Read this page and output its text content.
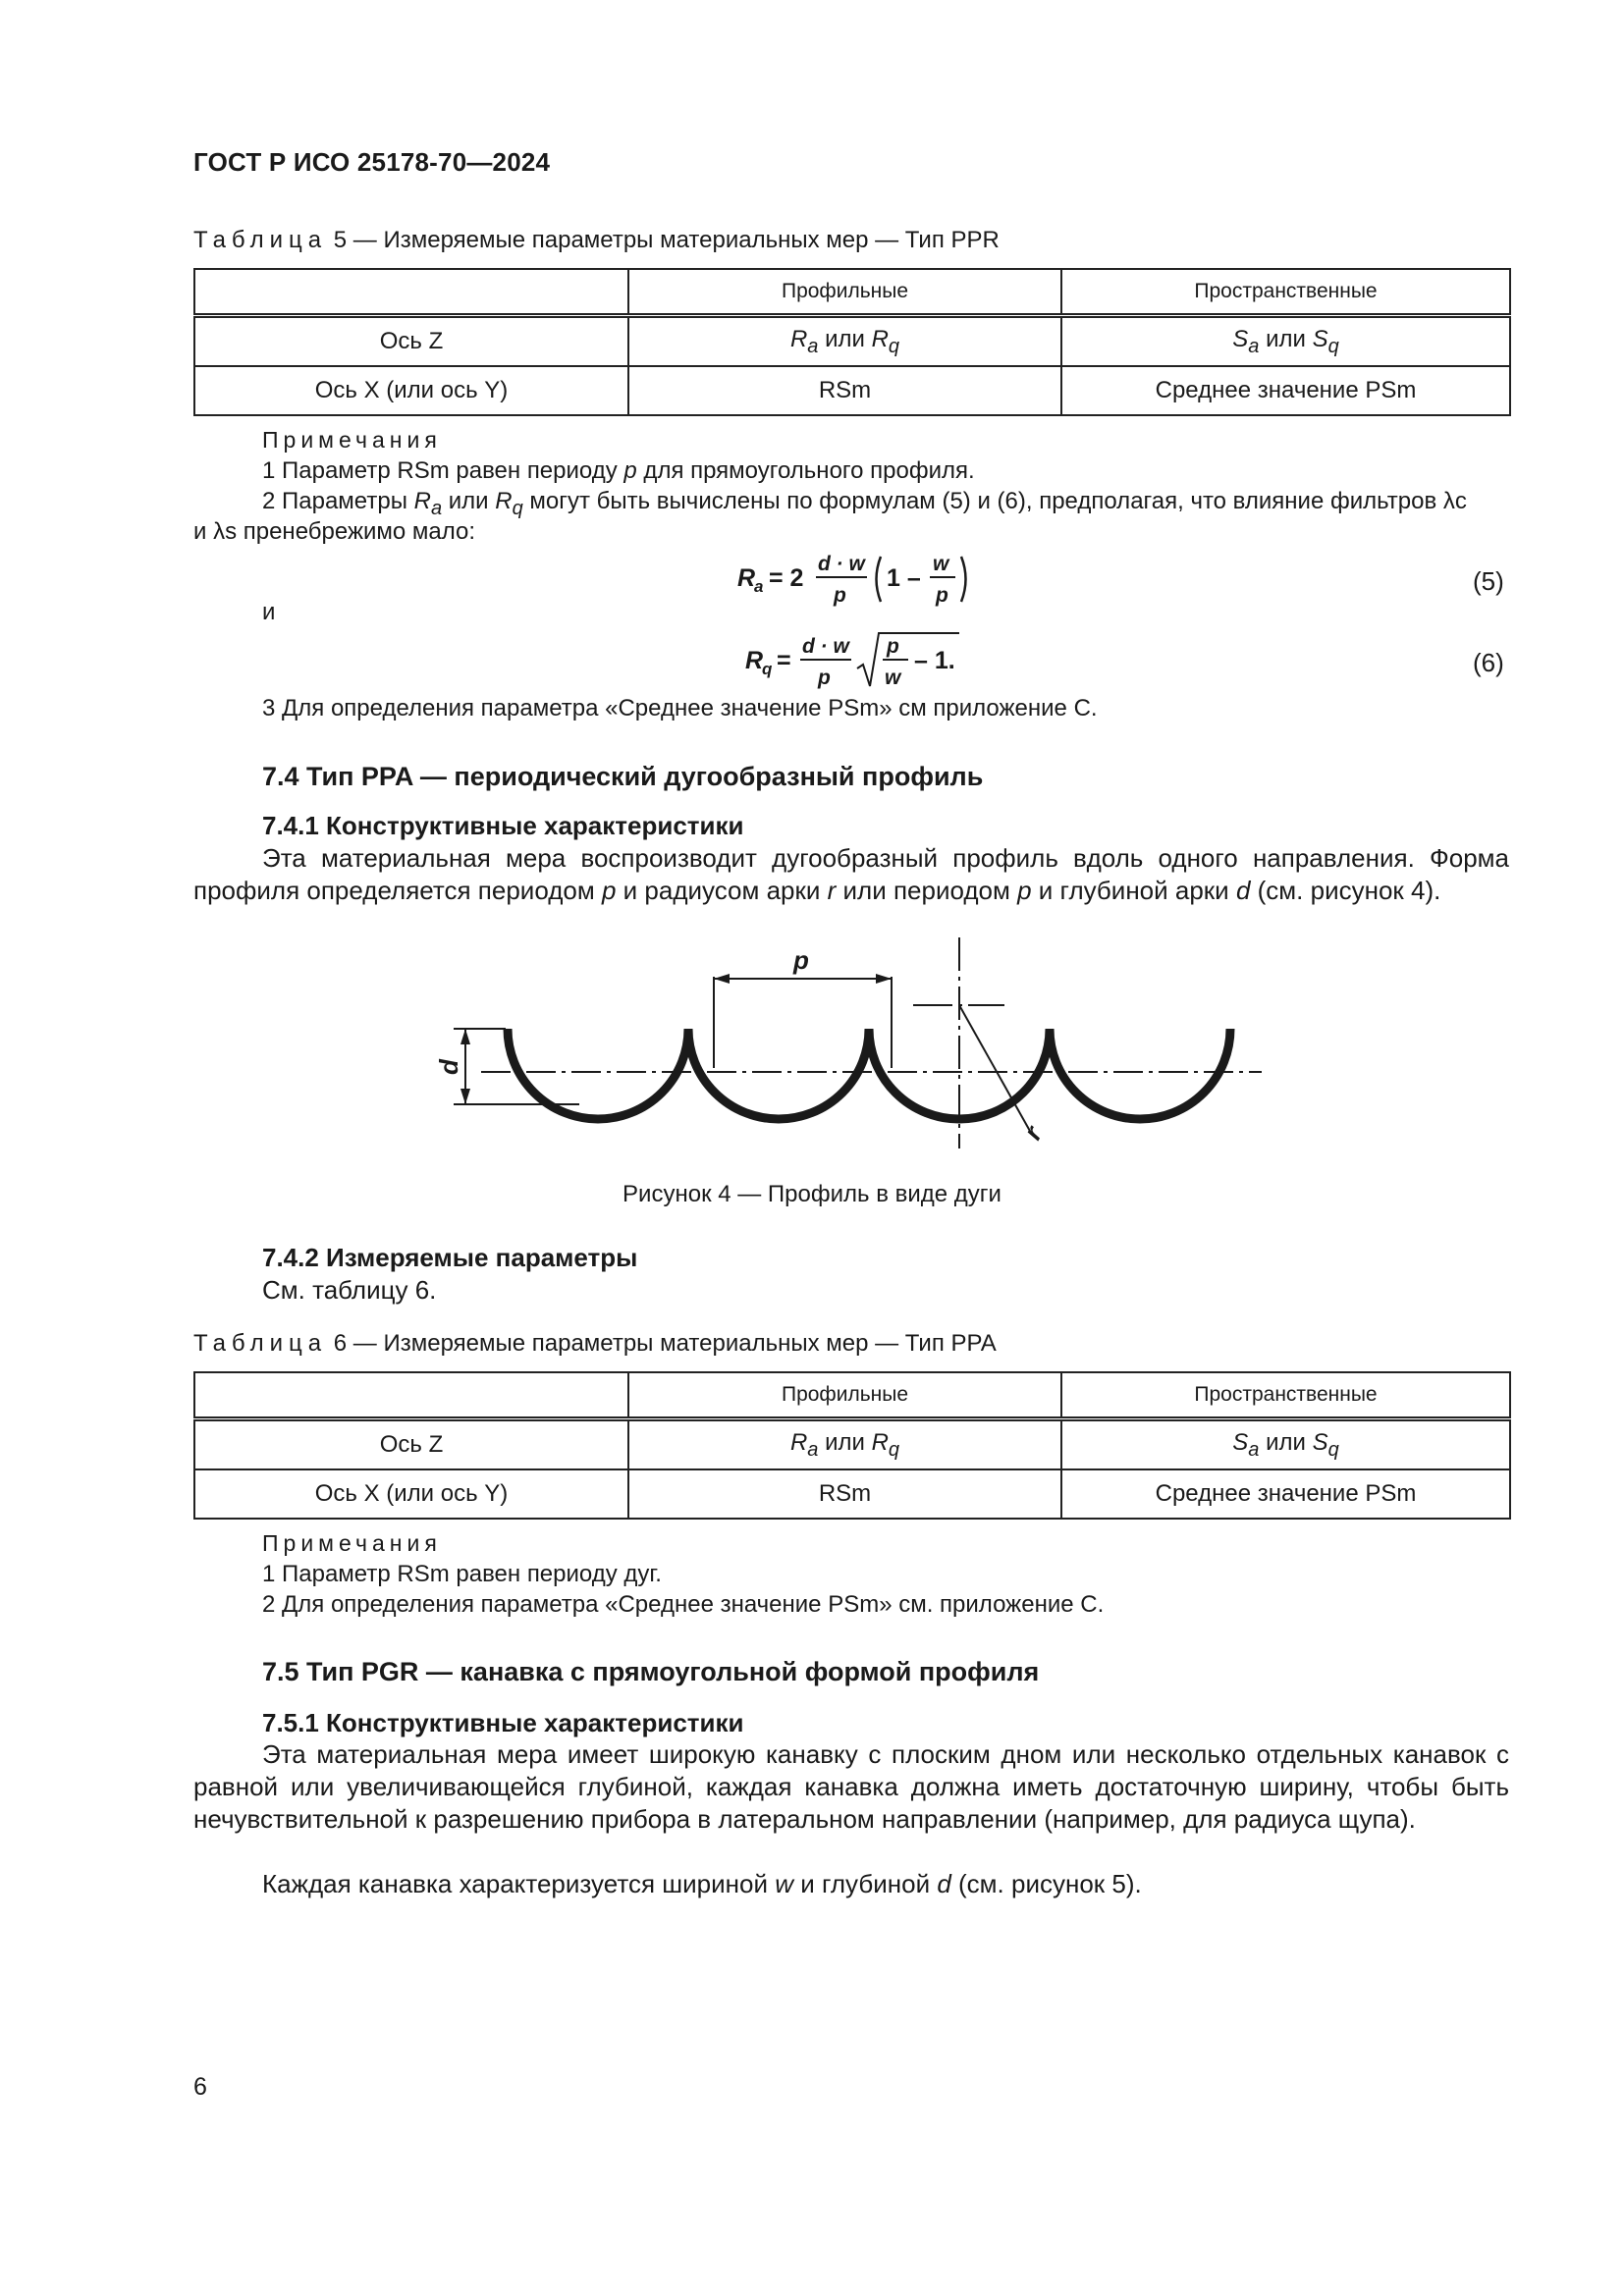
ГОСТ Р ИСО 25178-70—2024
Таблица 5 — Измеряемые параметры материальных мер — Тип PPR
	Профильные	Пространственные
Ось Z	$R_a$ или $R_q$	$S_a$ или $S_q$
Ось X (или ось Y)	RSm	Среднее значение PSm
Примечания
1 Параметр RSm равен периоду p для прямоугольного профиля.
2 Параметры $R_a$ или $R_q$ могут быть вычислены по формулам (5) и (6), предполагая, что влияние фильтров λc
и λs пренебрежимо мало:
R
a = 2
d · w
p
1 –
w
p	(5)
и
R
q =
d · w
p
p
w
– 1.	(6)
3 Для определения параметра «Среднее значение PSm» см приложение С.
7.4 Тип PPA — периодический дугообразный профиль
7.4.1 Конструктивные характеристики
Эта материальная мера воспроизводит дугообразный профиль вдоль одного направления. Форма профиля определяется периодом p и радиусом арки r или периодом p и глубиной арки d (см. рисунок 4).
p
d
r
Рисунок 4 — Профиль в виде дуги
7.4.2 Измеряемые параметры
См. таблицу 6.
Таблица 6 — Измеряемые параметры материальных мер — Тип PPA
	Профильные	Пространственные
Ось Z	$R_a$ или $R_q$	$S_a$ или $S_q$
Ось X (или ось Y)	RSm	Среднее значение PSm
Примечания
1 Параметр RSm равен периоду дуг.
2 Для определения параметра «Среднее значение PSm» см. приложение С.
7.5 Тип PGR — канавка с прямоугольной формой профиля
7.5.1 Конструктивные характеристики
Эта материальная мера имеет широкую канавку с плоским дном или несколько отдельных канавок с равной или увеличивающейся глубиной, каждая канавка должна иметь достаточную ширину, чтобы быть нечувствительной к разрешению прибора в латеральном направлении (например, для радиуса щупа).
Каждая канавка характеризуется шириной w и глубиной d (см. рисунок 5).
6
